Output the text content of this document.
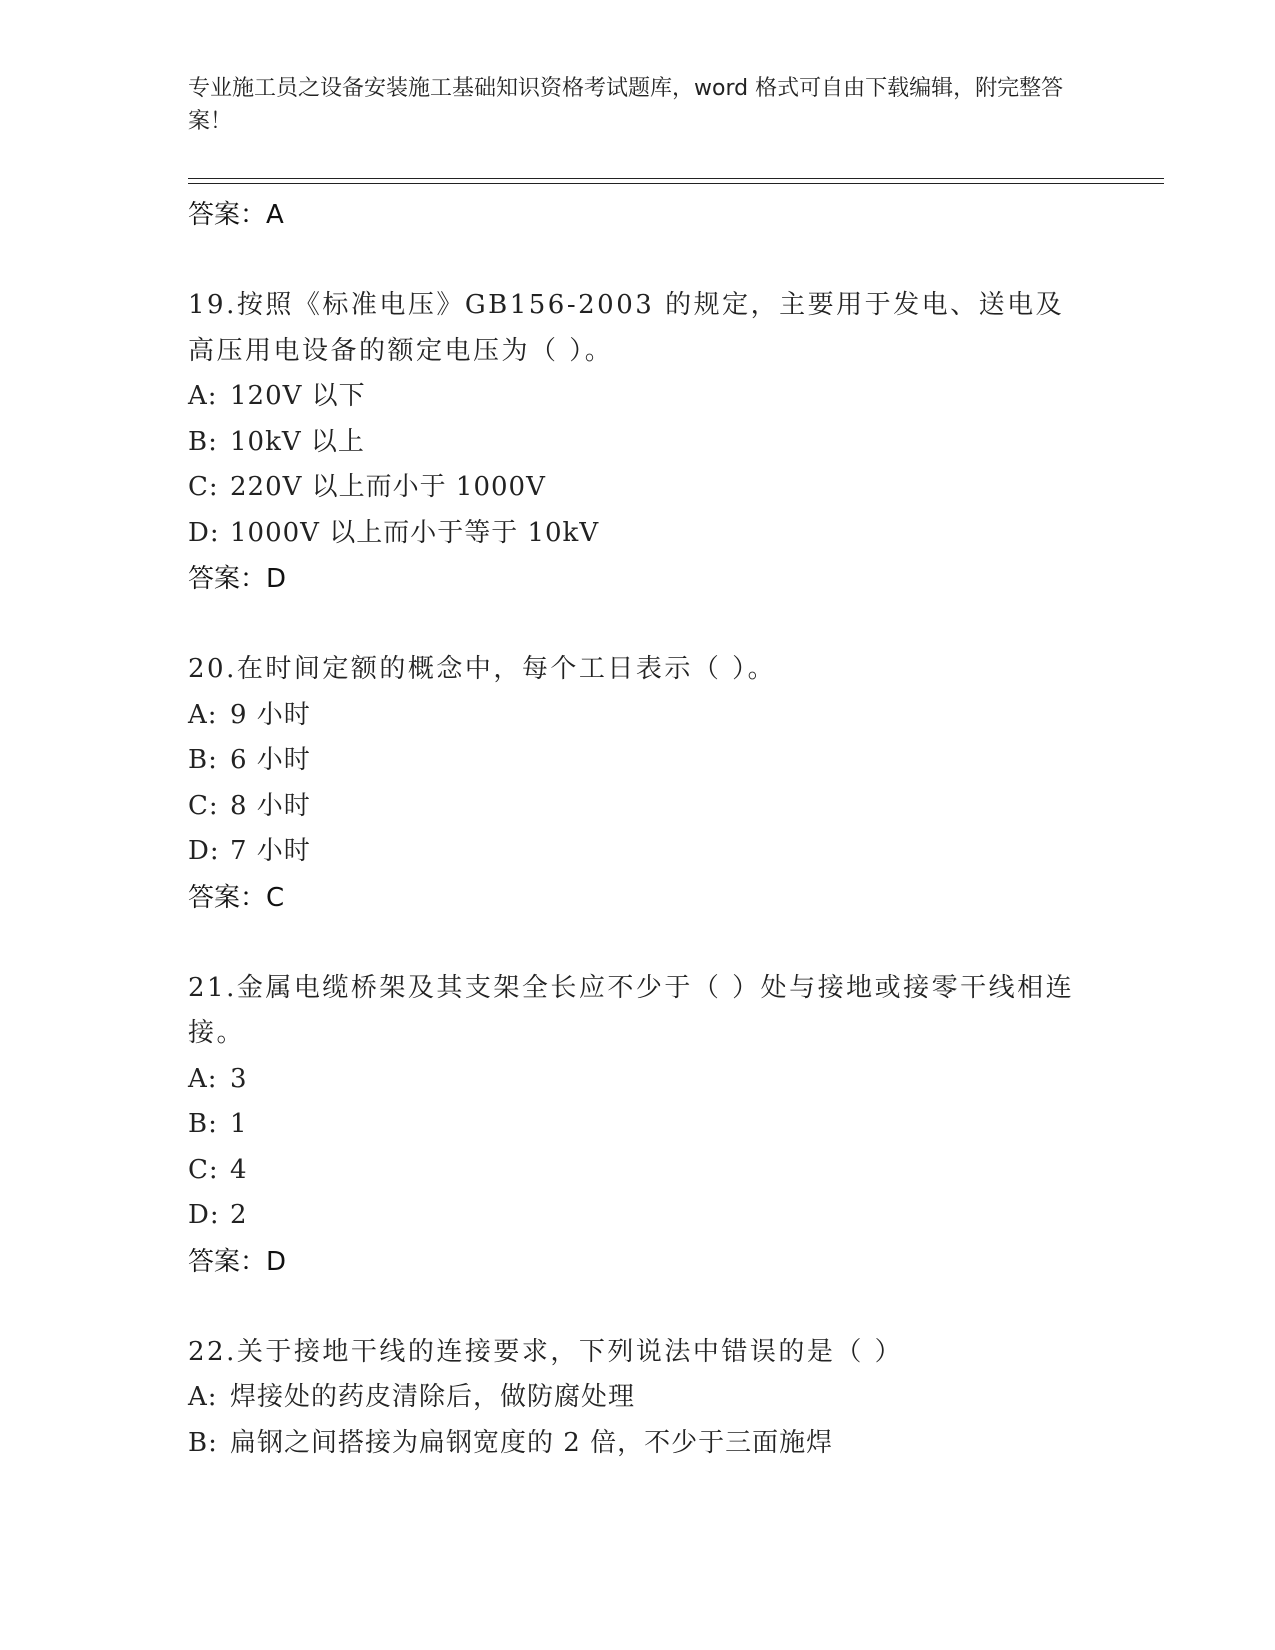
专业施工员之设备安装施工基础知识资格考试题库，word 格式可自由下载编辑，附完整答案！
答案：A
19.按照《标准电压》GB156-2003 的规定，主要用于发电、送电及高压用电设备的额定电压为（ ）。
A: 120V 以下
B: 10kV 以上
C: 220V 以上而小于 1000V
D: 1000V 以上而小于等于 10kV
答案：D
20.在时间定额的概念中，每个工日表示（ ）。
A: 9 小时
B: 6 小时
C: 8 小时
D: 7 小时
答案：C
21.金属电缆桥架及其支架全长应不少于（ ）处与接地或接零干线相连接。
A: 3
B: 1
C: 4
D: 2
答案：D
22.关于接地干线的连接要求，下列说法中错误的是（ ）
A: 焊接处的药皮清除后，做防腐处理
B: 扁钢之间搭接为扁钢宽度的 2 倍，不少于三面施焊
